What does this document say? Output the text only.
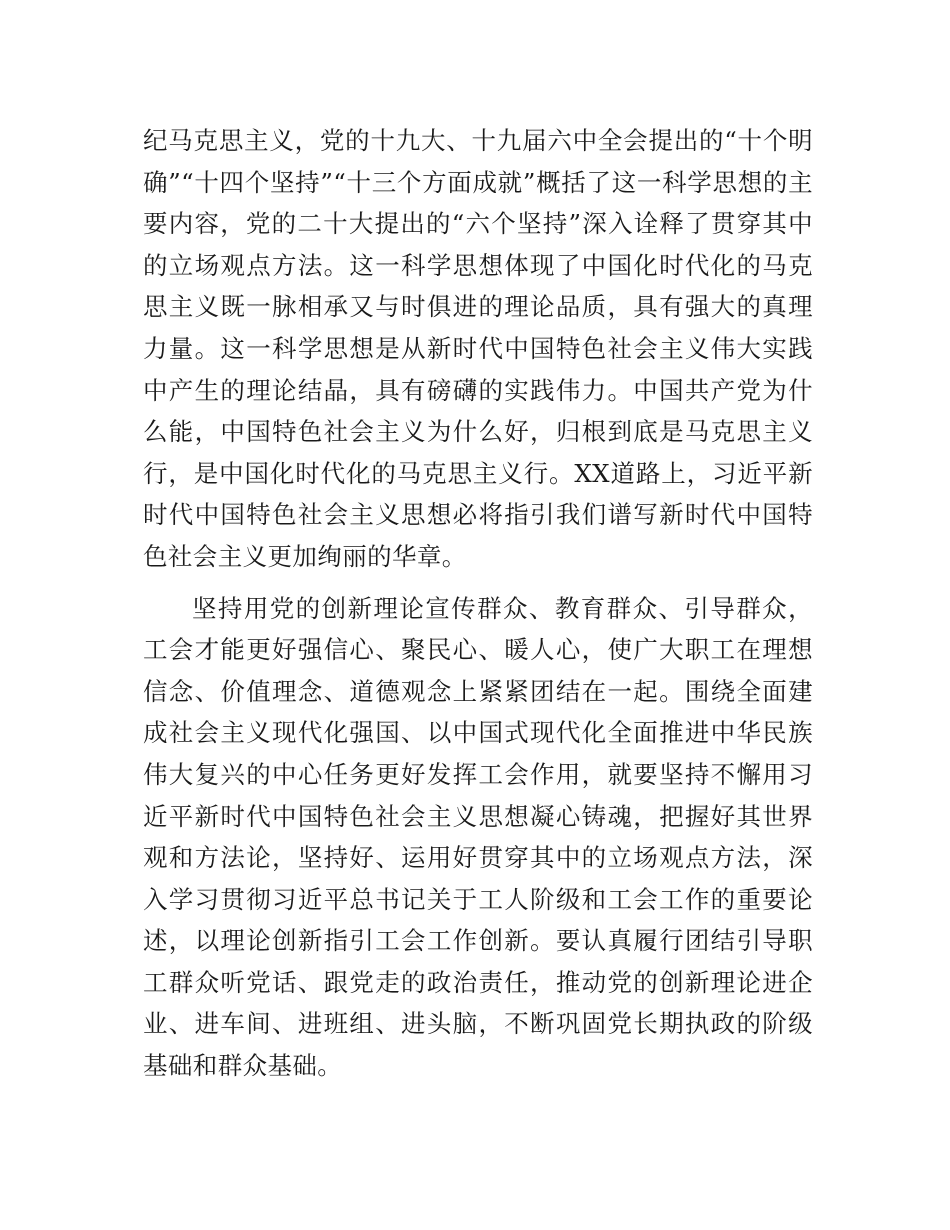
纪马克思主义，党的十九大、十九届六中全会提出的“十个明确”“十四个坚持”“十三个方面成就”概括了这一科学思想的主要内容，党的二十大提出的“六个坚持”深入诠释了贯穿其中的立场观点方法。这一科学思想体现了中国化时代化的马克思主义既一脉相承又与时俱进的理论品质，具有强大的真理力量。这一科学思想是从新时代中国特色社会主义伟大实践中产生的理论结晶，具有磅礴的实践伟力。中国共产党为什么能，中国特色社会主义为什么好，归根到底是马克思主义行，是中国化时代化的马克思主义行。XX道路上，习近平新时代中国特色社会主义思想必将指引我们谱写新时代中国特色社会主义更加绚丽的华章。

坚持用党的创新理论宣传群众、教育群众、引导群众，工会才能更好强信心、聚民心、暖人心，使广大职工在理想信念、价值理念、道德观念上紧紧团结在一起。围绕全面建成社会主义现代化强国、以中国式现代化全面推进中华民族伟大复兴的中心任务更好发挥工会作用，就要坚持不懈用习近平新时代中国特色社会主义思想凝心铸魂，把握好其世界观和方法论，坚持好、运用好贯穿其中的立场观点方法，深入学习贯彻习近平总书记关于工人阶级和工会工作的重要论述，以理论创新指引工会工作创新。要认真履行团结引导职工群众听党话、跟党走的政治责任，推动党的创新理论进企业、进车间、进班组、进头脑，不断巩固党长期执政的阶级基础和群众基础。
